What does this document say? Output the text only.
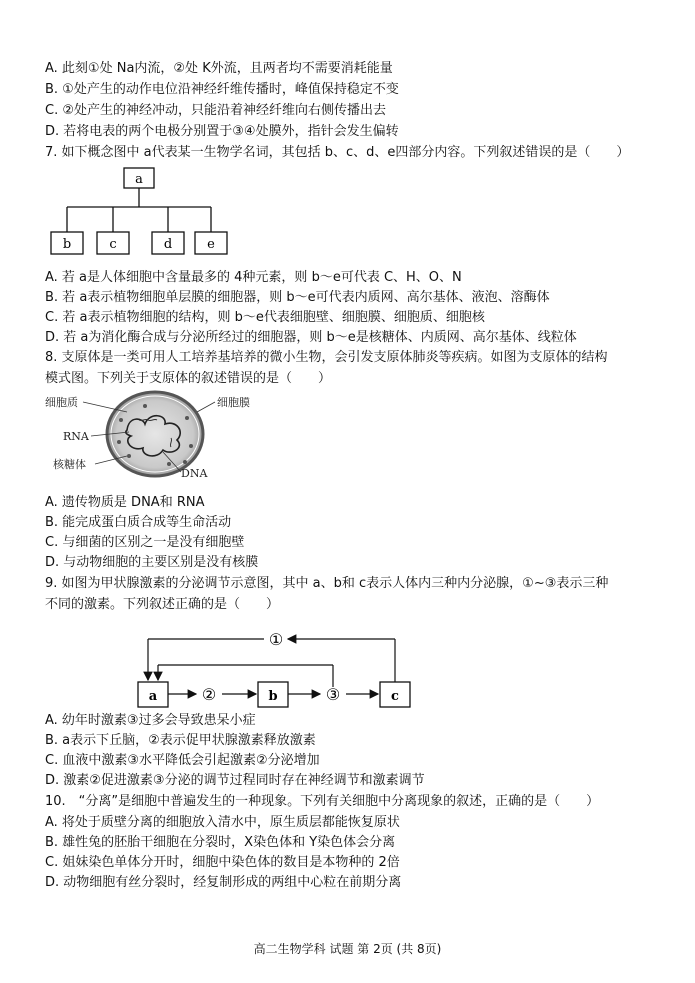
A. 此刻①处 Na内流，②处 K外流，且两者均不需要消耗能量
B. ①处产生的动作电位沿神经纤维传播时，峰值保持稳定不变
C. ②处产生的神经冲动，只能沿着神经纤维向右侧传播出去
D. 若将电表的两个电极分别置于③④处膜外，指针会发生偏转
7. 如下概念图中 a代表某一生物学名词，其包括 b、c、d、e四部分内容。下列叙述错误的是（　　）
a
b	c	d	e
A. 若 a是人体细胞中含量最多的 4种元素，则 b～e可代表 C、H、O、N
B. 若 a表示植物细胞单层膜的细胞器，则 b～e可代表内质网、高尔基体、液泡、溶酶体
C. 若 a表示植物细胞的结构，则 b～e代表细胞壁、细胞膜、细胞质、细胞核
D. 若 a为消化酶合成与分泌所经过的细胞器，则 b～e是核糖体、内质网、高尔基体、线粒体
8. 支原体是一类可用人工培养基培养的微小生物，会引发支原体肺炎等疾病。如图为支原体的结构
模式图。下列关于支原体的叙述错误的是（　　）
细胞质	细胞膜
RNA
核糖体
DNA
A. 遗传物质是 DNA和 RNA
B. 能完成蛋白质合成等生命活动
C. 与细菌的区别之一是没有细胞壁
D. 与动物细胞的主要区别是没有核膜
9. 如图为甲状腺激素的分泌调节示意图，其中 a、b和 c表示人体内三种内分泌腺，①~③表示三种
不同的激素。下列叙述正确的是（　　）
a	b	c
②	③
①
A. 幼年时激素③过多会导致患呆小症
B. a表示下丘脑，②表示促甲状腺激素释放激素
C. 血液中激素③水平降低会引起激素②分泌增加
D. 激素②促进激素③分泌的调节过程同时存在神经调节和激素调节
10.　“分离”是细胞中普遍发生的一种现象。下列有关细胞中分离现象的叙述，正确的是（　　）
A. 将处于质壁分离的细胞放入清水中，原生质层都能恢复原状
B. 雄性兔的胚胎干细胞在分裂时，X染色体和 Y染色体会分离
C. 姐妹染色单体分开时，细胞中染色体的数目是本物种的 2倍
D. 动物细胞有丝分裂时，经复制形成的两组中心粒在前期分离
高二生物学科 试题 第 2页 (共 8页)
